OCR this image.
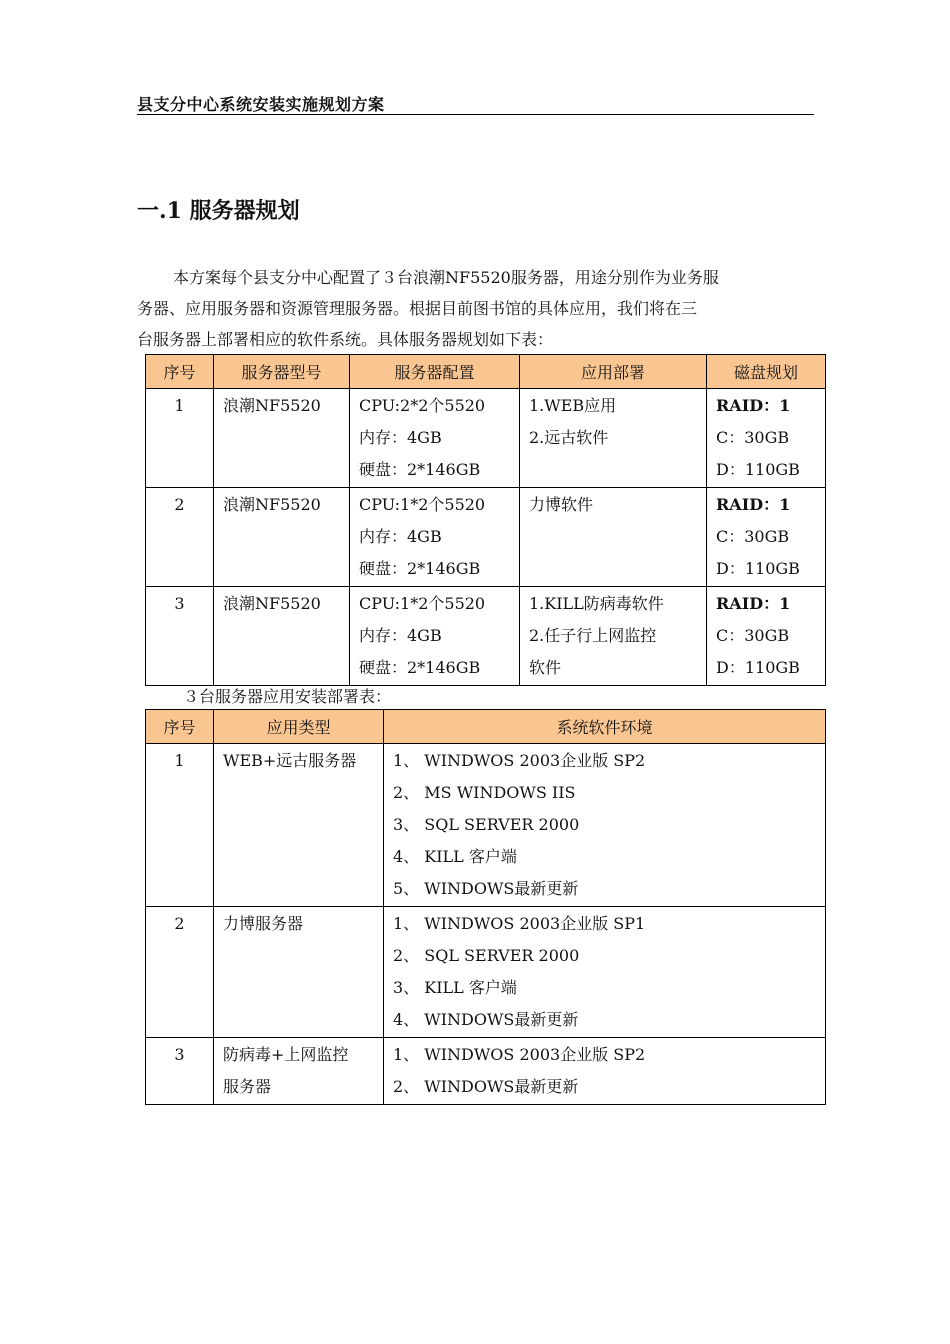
县支分中心系统安装实施规划方案
一.1 服务器规划

本方案每个县支分中心配置了３台浪潮NF5520服务器，用途分别作为业务服
务器、应用服务器和资源管理服务器。根据目前图书馆的具体应用，我们将在三
台服务器上部署相应的软件系统。具体服务器规划如下表：

序号	服务器型号	服务器配置	应用部署	磁盘规划
1	浪潮NF5520	CPU:2*2个5520
内存：4GB
硬盘：2*146GB	1.WEB应用
2.远古软件	RAID：1
C：30GB
D：110GB

2	浪潮NF5520	CPU:1*2个5520
内存：4GB
硬盘：2*146GB	力博软件	RAID：1
C：30GB
D：110GB

3	浪潮NF5520	CPU:1*2个5520
内存：4GB
硬盘：2*146GB	1.KILL防病毒软件
2.任子行上网监控
软件	RAID：1
C：30GB
D：110GB
３台服务器应用安装部署表：
序号	应用类型	系统软件环境
1	WEB+远古服务器	1、 WINDWOS 2003企业版 SP2
2、 MS WINDOWS IIS
3、 SQL SERVER 2000
4、 KILL 客户端
5、 WINDOWS最新更新

2	力博服务器	1、 WINDWOS 2003企业版 SP1
2、 SQL SERVER 2000
3、 KILL 客户端
4、 WINDOWS最新更新

3	防病毒+上网监控
服务器	1、 WINDWOS 2003企业版 SP2
2、 WINDOWS最新更新
